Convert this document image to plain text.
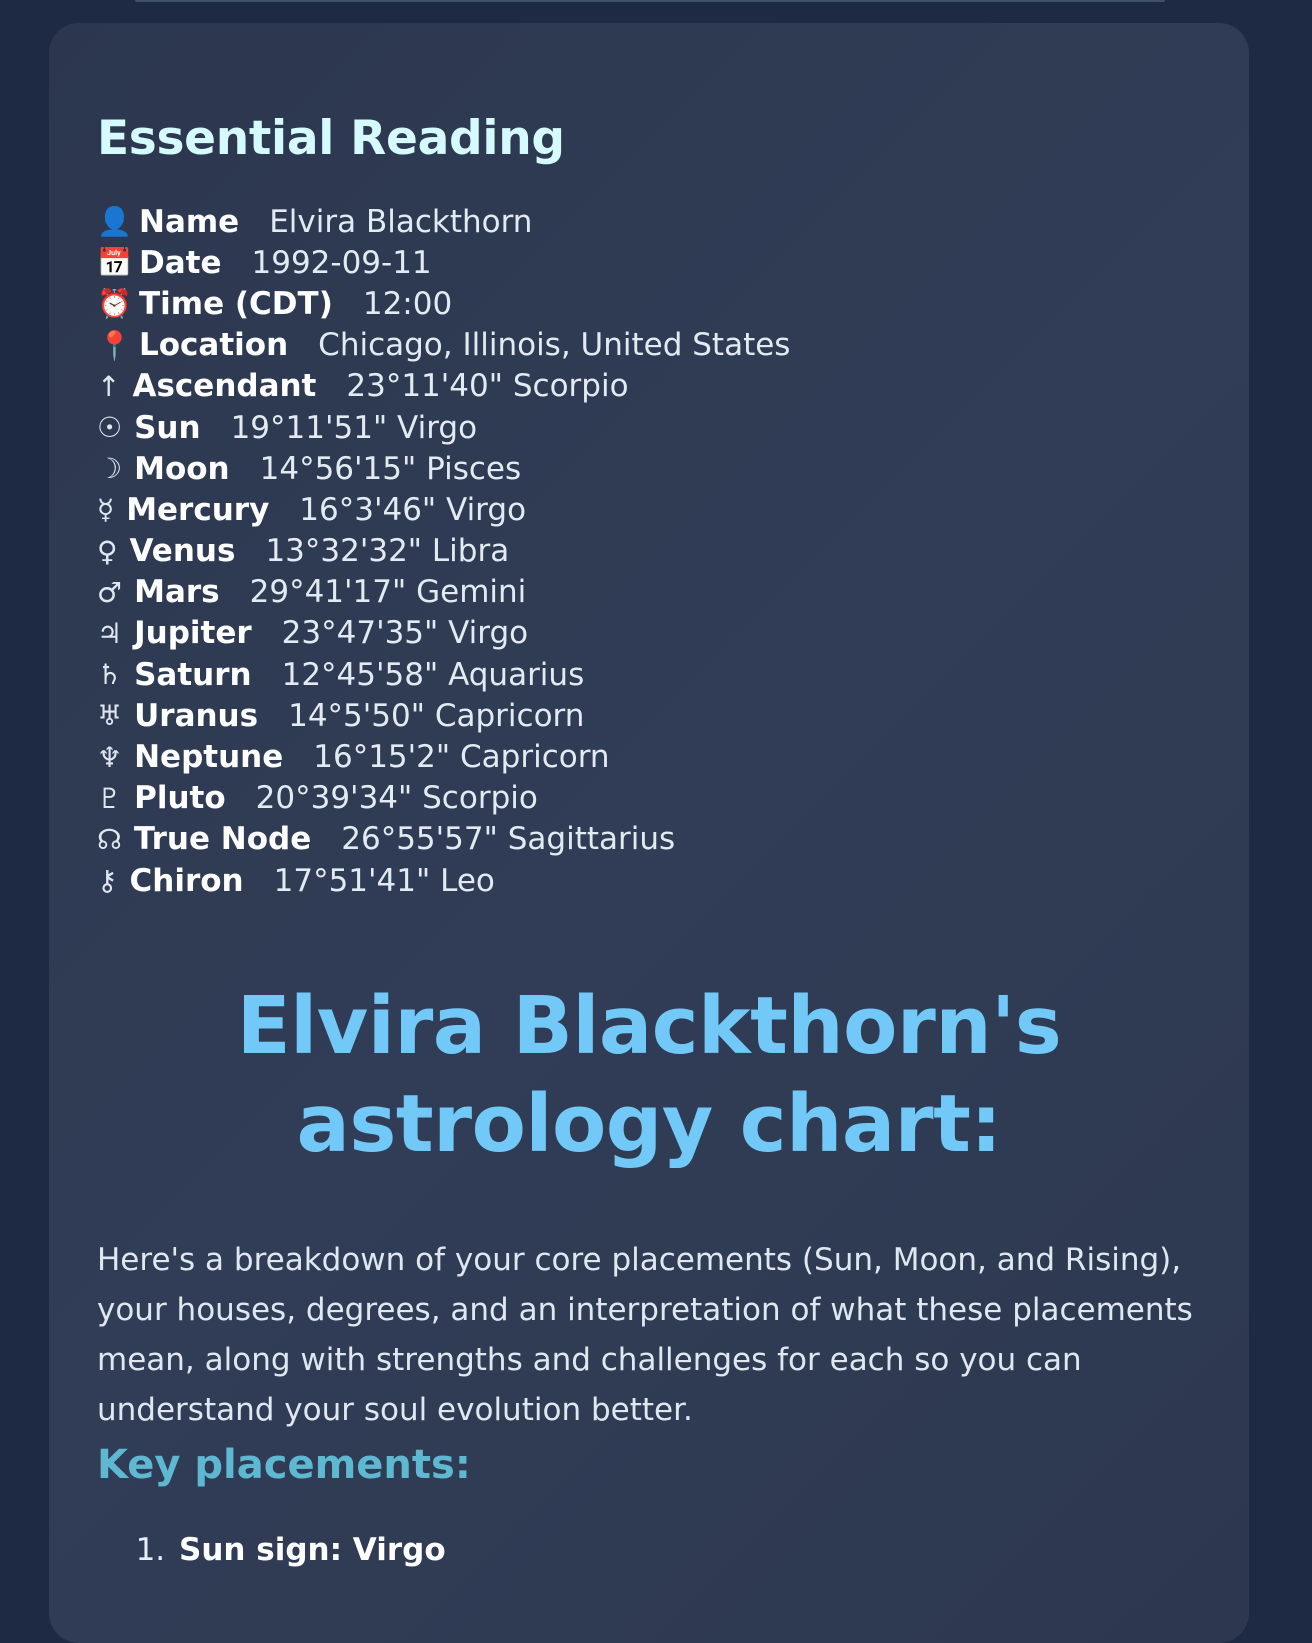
Essential Reading
👤 Name Elvira Blackthorn
📅 Date 1992-09-11
⏰ Time (CDT) 12:00
📍 Location Chicago, Illinois, United States
↑ Ascendant 23°11'40" Scorpio
☉ Sun 19°11'51" Virgo
☽ Moon 14°56'15" Pisces
☿ Mercury 16°3'46" Virgo
♀ Venus 13°32'32" Libra
♂ Mars 29°41'17" Gemini
♃ Jupiter 23°47'35" Virgo
♄ Saturn 12°45'58" Aquarius
♅ Uranus 14°5'50" Capricorn
♆ Neptune 16°15'2" Capricorn
♇ Pluto 20°39'34" Scorpio
☊ True Node 26°55'57" Sagittarius
⚷ Chiron 17°51'41" Leo
Elvira Blackthorn's astrology chart:

Here's a breakdown of your core placements (Sun, Moon, and Rising), your houses, degrees, and an interpretation of what these placements mean, along with strengths and challenges for each so you can understand your soul evolution better.

Key placements:
1. Sun sign: Virgo
